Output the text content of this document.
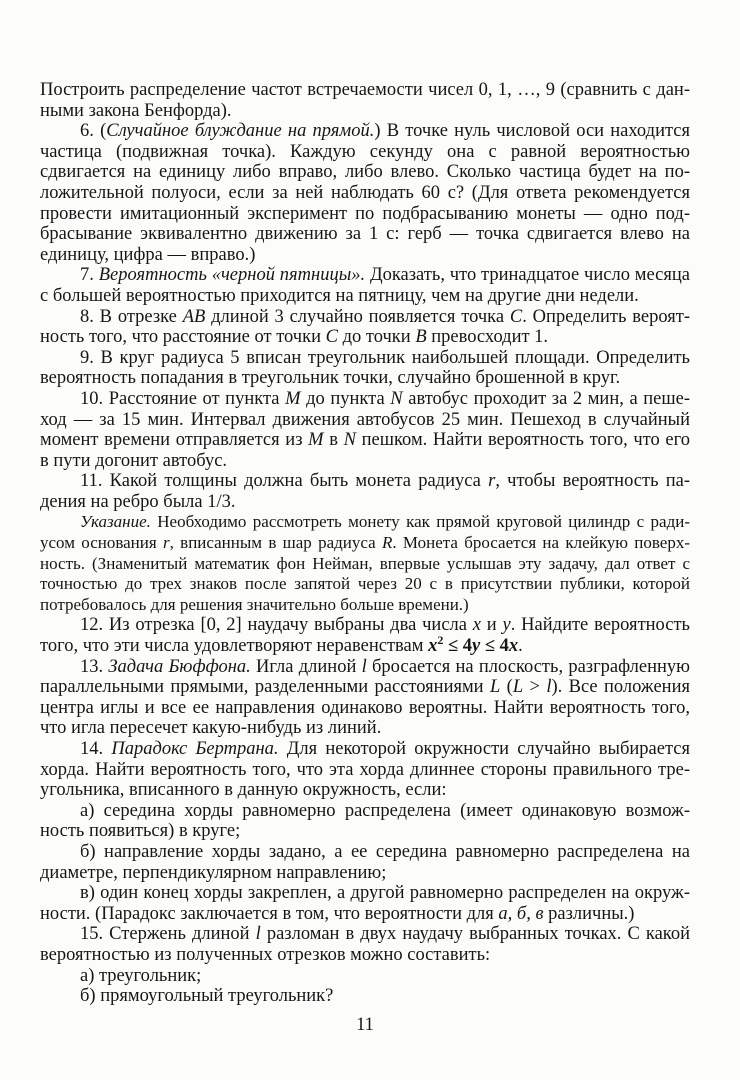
Построить распределение частот встречаемости чисел 0, 1, …, 9 (сравнить с данными закона Бенфорда).

6. (Случайное блуждание на прямой.) В точке нуль числовой оси находится частица (подвижная точка). Каждую секунду она с равной вероятностью сдвигается на единицу либо вправо, либо влево. Сколько частица будет на положительной полуоси, если за ней наблюдать 60 с? (Для ответа рекомендуется провести имитационный эксперимент по подбрасыванию монеты — одно подбрасывание эквивалентно движению за 1 с: герб — точка сдвигается влево на единицу, цифра — вправо.)

7. Вероятность «черной пятницы». Доказать, что тринадцатое число месяца с большей вероятностью приходится на пятницу, чем на другие дни недели.

8. В отрезке AB длиной 3 случайно появляется точка C. Определить вероятность того, что расстояние от точки C до точки B превосходит 1.

9. В круг радиуса 5 вписан треугольник наибольшей площади. Определить вероятность попадания в треугольник точки, случайно брошенной в круг.

10. Расстояние от пункта M до пункта N автобус проходит за 2 мин, а пешеход — за 15 мин. Интервал движения автобусов 25 мин. Пешеход в случайный момент времени отправляется из M в N пешком. Найти вероятность того, что его в пути догонит автобус.

11. Какой толщины должна быть монета радиуса r, чтобы вероятность падения на ребро была 1/3.

Указание. Необходимо рассмотреть монету как прямой круговой цилиндр с радиусом основания r, вписанным в шар радиуса R. Монета бросается на клейкую поверхность. (Знаменитый математик фон Нейман, впервые услышав эту задачу, дал ответ с точностью до трех знаков после запятой через 20 с в присутствии публики, которой потребовалось для решения значительно больше времени.)

12. Из отрезка [0, 2] наудачу выбраны два числа x и y. Найдите вероятность того, что эти числа удовлетворяют неравенствам $x^2 \le 4y \le 4x$.

13. Задача Бюффона. Игла длиной l бросается на плоскость, разграфленную параллельными прямыми, разделенными расстояниями L (L > l). Все положения центра иглы и все ее направления одинаково вероятны. Найти вероятность того, что игла пересечет какую-нибудь из линий.

14. Парадокс Бертрана. Для некоторой окружности случайно выбирается хорда. Найти вероятность того, что эта хорда длиннее стороны правильного треугольника, вписанного в данную окружность, если:

а) середина хорды равномерно распределена (имеет одинаковую возможность появиться) в круге;

б) направление хорды задано, а ее середина равномерно распределена на диаметре, перпендикулярном направлению;

в) один конец хорды закреплен, а другой равномерно распределен на окружности. (Парадокс заключается в том, что вероятности для а, б, в различны.)

15. Стержень длиной l разломан в двух наудачу выбранных точках. С какой вероятностью из полученных отрезков можно составить:

а) треугольник;

б) прямоугольный треугольник?

11
